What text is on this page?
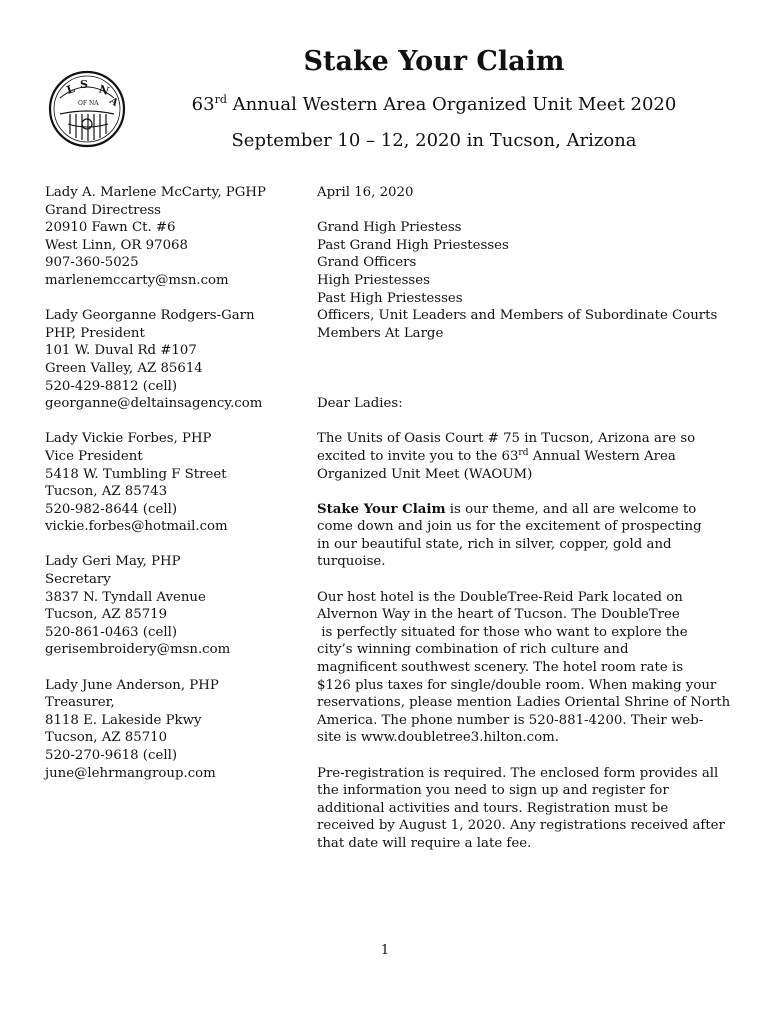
Stake Your Claim
63rd Annual Western Area Organized Unit Meet 2020
September 10 – 12, 2020 in Tucson, Arizona
L S N
A
OF NA
Lady A. Marlene McCarty, PGHP
Grand Directress
20910 Fawn Ct. #6
West Linn, OR 97068
907-360-5025
marlenemccarty@msn.com
Lady Georganne Rodgers-Garn
PHP, President
101 W. Duval Rd #107
Green Valley, AZ 85614
520-429-8812 (cell)
georganne@deltainsagency.com
Lady Vickie Forbes, PHP
Vice President
5418 W. Tumbling F Street
Tucson, AZ 85743
520-982-8644 (cell)
vickie.forbes@hotmail.com
Lady Geri May, PHP
Secretary
3837 N. Tyndall Avenue
Tucson, AZ 85719
520-861-0463 (cell)
gerisembroidery@msn.com
Lady June Anderson, PHP
Treasurer,
8118 E. Lakeside Pkwy
Tucson, AZ 85710
520-270-9618 (cell)
june@lehrmangroup.com
April 16, 2020
Grand High Priestess
Past Grand High Priestesses
Grand Officers
High Priestesses
Past High Priestesses
Officers, Unit Leaders and Members of Subordinate Courts
Members At Large
Dear Ladies:
The Units of Oasis Court # 75 in Tucson, Arizona are so
excited to invite you to the 63rd Annual Western Area
Organized Unit Meet (WAOUM)
Stake Your Claim is our theme, and all are welcome to
come down and join us for the excitement of prospecting
in our beautiful state, rich in silver, copper, gold and
turquoise.
Our host hotel is the DoubleTree-Reid Park located on
Alvernon Way in the heart of Tucson. The DoubleTree
is perfectly situated for those who want to explore the
city’s winning combination of rich culture and
magnificent southwest scenery. The hotel room rate is
$126 plus taxes for single/double room. When making your
reservations, please mention Ladies Oriental Shrine of North
America. The phone number is 520-881-4200. Their web-
site is www.doubletree3.hilton.com.
Pre-registration is required. The enclosed form provides all
the information you need to sign up and register for
additional activities and tours. Registration must be
received by August 1, 2020. Any registrations received after
that date will require a late fee.
1
